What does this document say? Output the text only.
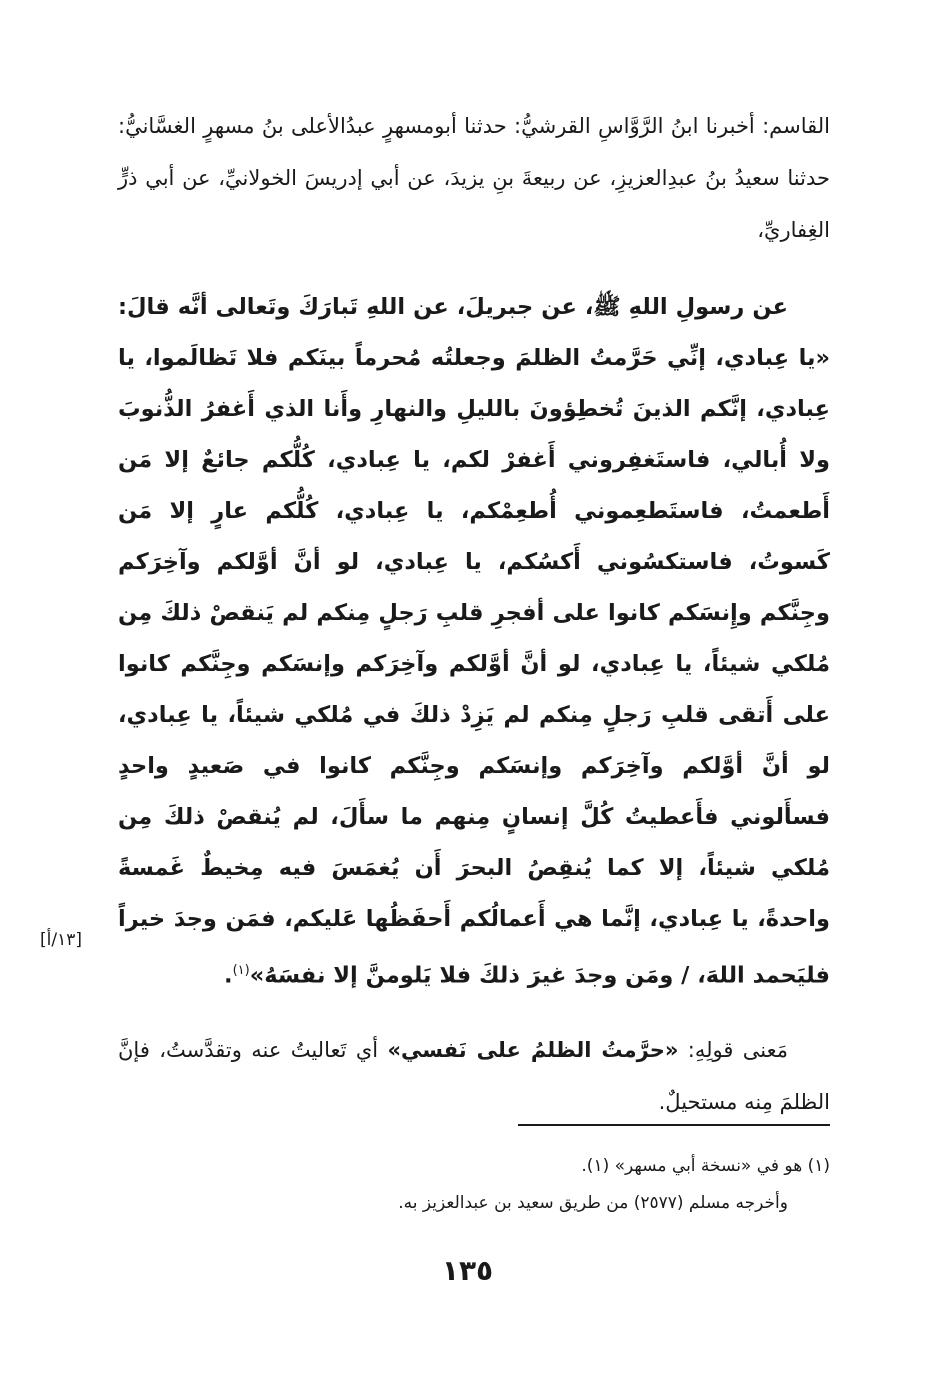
القاسم: أخبرنا ابنُ الرَّوَّاسِ القرشيُّ: حدثنا أبومسهرٍ عبدُالأعلى بنُ مسهرٍ الغسَّانيُّ: حدثنا سعيدُ بنُ عبدِالعزيزِ، عن ربيعةَ بنِ يزيدَ، عن أبي إدريسَ الخولانيِّ، عن أبي ذرٍّ الغِفاريِّ،

عن رسولِ اللهِ ﷺ، عن جبريلَ، عن اللهِ تَبارَكَ وتَعالى أنَّه قالَ: «يا عِبادي، إنِّي حَرَّمتُ الظلمَ وجعلتُه مُحرماً بينَكم فلا تَظالَموا، يا عِبادي، إنَّكم الذينَ تُخطِؤونَ بالليلِ والنهارِ وأَنا الذي أَغفرُ الذُّنوبَ ولا أُبالي، فاستَغفِروني أَغفرْ لكم، يا عِبادي، كُلُّكم جائعٌ إلا مَن أَطعمتُ، فاستَطعِموني أُطعِمْكم، يا عِبادي، كُلُّكم عارٍ إلا مَن كَسوتُ، فاستكسُوني أَكسُكم، يا عِبادي، لو أنَّ أوَّلكم وآخِرَكم وجِنَّكم وإِنسَكم كانوا على أفجرِ قلبِ رَجلٍ مِنكم لم يَنقصْ ذلكَ مِن مُلكي شيئاً، يا عِبادي، لو أنَّ أوَّلكم وآخِرَكم وإنسَكم وجِنَّكم كانوا على أَتقى قلبِ رَجلٍ مِنكم لم يَزِدْ ذلكَ في مُلكي شيئاً، يا عِبادي، لو أنَّ أوَّلكم وآخِرَكم وإنسَكم وجِنَّكم كانوا في صَعيدٍ واحدٍ فسأَلوني فأَعطيتُ كُلَّ إنسانٍ مِنهم ما سأَلَ، لم يُنقصْ ذلكَ مِن مُلكي شيئاً، إلا كما يُنقِصُ البحرَ أَن يُغمَسَ فيه مِخيطٌ غَمسةً واحدةً، يا عِبادي، إنَّما هي أَعمالُكم أَحفَظُها عَليكم، فمَن وجدَ خيراً فليَحمد اللهَ، / ومَن وجدَ غيرَ ذلكَ فلا يَلومنَّ إلا نفسَهُ»$^{(١)}$.

مَعنى قولِهِ: «حرَّمتُ الظلمُ على نَفسي» أي تَعاليتُ عنه وتقدَّستُ، فإنَّ الظلمَ مِنه مستحيلٌ.

[١٣/أ]

(١) هو في «نسخة أبي مسهر» (١).

وأخرجه مسلم (٢٥٧٧) من طريق سعيد بن عبدالعزيز به.

١٣٥
